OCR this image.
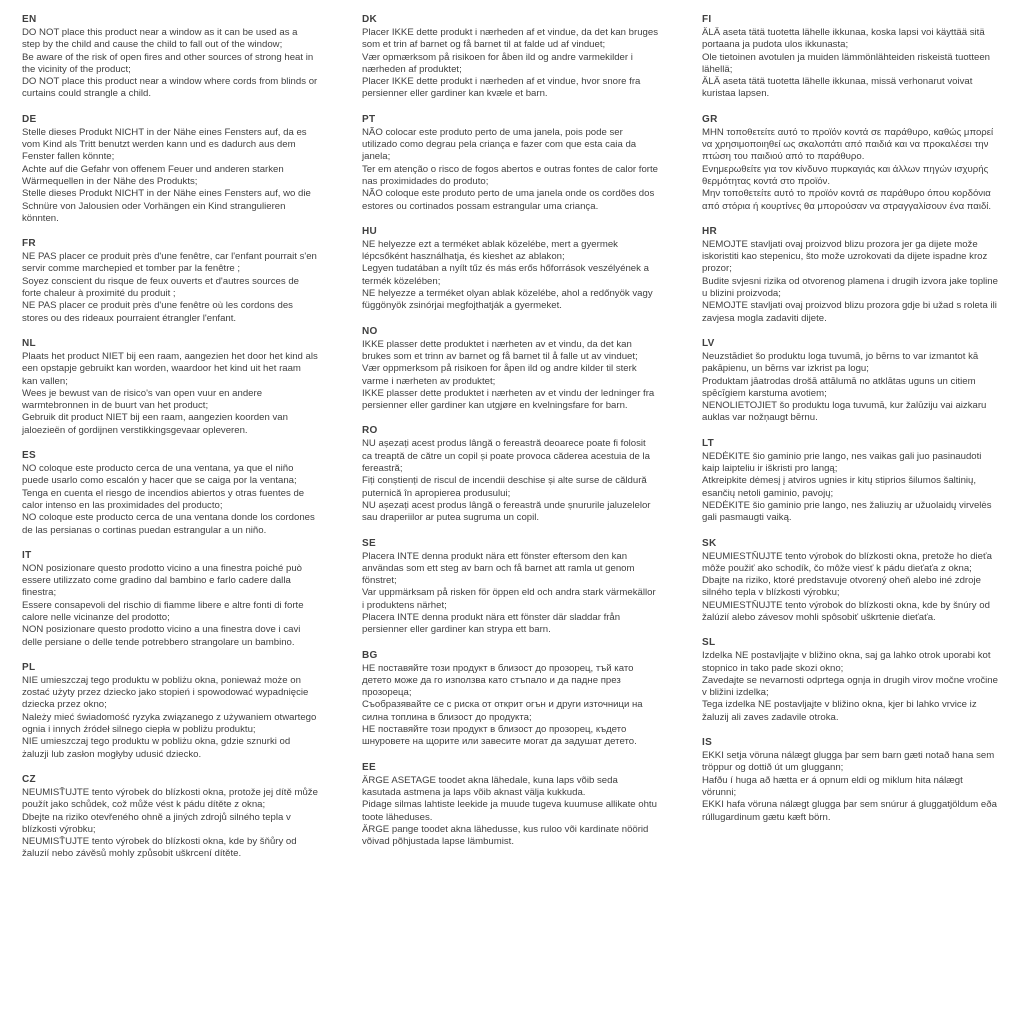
EN

DO NOT place this product near a window as it can be used as a step by the child and cause the child to fall out of the window;

Be aware of the risk of open fires and other sources of strong heat in the vicinity of the product;

DO NOT place this product near a window where cords from blinds or curtains could strangle a child.

DE

Stelle dieses Produkt NICHT in der Nähe eines Fensters auf, da es vom Kind als Tritt benutzt werden kann und es dadurch aus dem Fenster fallen könnte;

Achte auf die Gefahr von offenem Feuer und anderen starken Wärmequellen in der Nähe des Produkts;

Stelle dieses Produkt NICHT in der Nähe eines Fensters auf, wo die Schnüre von Jalousien oder Vorhängen ein Kind strangulieren könnten.

FR

NE PAS placer ce produit près d'une fenêtre, car l'enfant pourrait s'en servir comme marchepied et tomber par la fenêtre ;

Soyez conscient du risque de feux ouverts et d'autres sources de forte chaleur à proximité du produit ;

NE PAS placer ce produit près d'une fenêtre où les cordons des stores ou des rideaux pourraient étrangler l'enfant.

NL

Plaats het product NIET bij een raam, aangezien het door het kind als een opstapje gebruikt kan worden, waardoor het kind uit het raam kan vallen;

Wees je bewust van de risico's van open vuur en andere warmtebronnen in de buurt van het product;

Gebruik dit product NIET bij een raam, aangezien koorden van jaloezieën of gordijnen verstikkingsgevaar opleveren.

ES

NO coloque este producto cerca de una ventana, ya que el niño puede usarlo como escalón y hacer que se caiga por la ventana;

Tenga en cuenta el riesgo de incendios abiertos y otras fuentes de calor intenso en las proximidades del producto;

NO coloque este producto cerca de una ventana donde los cordones de las persianas o cortinas puedan estrangular a un niño.

IT

NON posizionare questo prodotto vicino a una finestra poiché può essere utilizzato come gradino dal bambino e farlo cadere dalla finestra;

Essere consapevoli del rischio di fiamme libere e altre fonti di forte calore nelle vicinanze del prodotto;

NON posizionare questo prodotto vicino a una finestra dove i cavi delle persiane o delle tende potrebbero strangolare un bambino.

PL

NIE umieszczaj tego produktu w pobliżu okna, ponieważ może on zostać użyty przez dziecko jako stopień i spowodować wypadnięcie dziecka przez okno;

Należy mieć świadomość ryzyka związanego z używaniem otwartego ognia i innych źródeł silnego ciepła w pobliżu produktu;

NIE umieszczaj tego produktu w pobliżu okna, gdzie sznurki od żaluzji lub zasłon mogłyby udusić dziecko.

CZ

NEUMISŤUJTE tento výrobek do blízkosti okna, protože jej dítě může použít jako schůdek, což může vést k pádu dítěte z okna;

Dbejte na riziko otevřeného ohně a jiných zdrojů silného tepla v blízkosti výrobku;

NEUMISŤUJTE tento výrobek do blízkosti okna, kde by šňůry od žaluzií nebo závěsů mohly způsobit uškrcení dítěte.

DK

Placer IKKE dette produkt i nærheden af et vindue, da det kan bruges som et trin af barnet og få barnet til at falde ud af vinduet;

Vær opmærksom på risikoen for åben ild og andre varmekilder i nærheden af produktet;

Placer IKKE dette produkt i nærheden af et vindue, hvor snore fra persienner eller gardiner kan kvæle et barn.

PT

NÃO colocar este produto perto de uma janela, pois pode ser utilizado como degrau pela criança e fazer com que esta caia da janela;

Ter em atenção o risco de fogos abertos e outras fontes de calor forte nas proximidades do produto;

NÃO coloque este produto perto de uma janela onde os cordões dos estores ou cortinados possam estrangular uma criança.

HU

NE helyezze ezt a terméket ablak közelébe, mert a gyermek lépcsőként használhatja, és kieshet az ablakon;

Legyen tudatában a nyílt tűz és más erős hőforrások veszélyének a termék közelében;

NE helyezze a terméket olyan ablak közelébe, ahol a redőnyök vagy függönyök zsinórjai megfojthatják a gyermeket.

NO

IKKE plasser dette produktet i nærheten av et vindu, da det kan brukes som et trinn av barnet og få barnet til å falle ut av vinduet;

Vær oppmerksom på risikoen for åpen ild og andre kilder til sterk varme i nærheten av produktet;

IKKE plasser dette produktet i nærheten av et vindu der ledninger fra persienner eller gardiner kan utgjøre en kvelningsfare for barn.

RO

NU așezați acest produs lângă o fereastră deoarece poate fi folosit ca treaptă de către un copil și poate provoca căderea acestuia de la fereastră;

Fiți conștienți de riscul de incendii deschise și alte surse de căldură puternică în apropierea produsului;

NU așezați acest produs lângă o fereastră unde șnururile jaluzelelor sau draperiilor ar putea sugruma un copil.

SE

Placera INTE denna produkt nära ett fönster eftersom den kan användas som ett steg av barn och få barnet att ramla ut genom fönstret;

Var uppmärksam på risken för öppen eld och andra stark värmekällor i produktens närhet;

Placera INTE denna produkt nära ett fönster där sladdar från persienner eller gardiner kan strypa ett barn.

BG

НЕ поставяйте този продукт в близост до прозорец, тъй като детето може да го използва като стъпало и да падне през прозореца;

Съобразявайте се с риска от открит огън и други източници на силна топлина в близост до продукта;

НЕ поставяйте този продукт в близост до прозорец, където шнуровете на щорите или завесите могат да задушат детето.

EE

ÄRGE ASETAGE toodet akna lähedale, kuna laps võib seda kasutada astmena ja laps võib aknast välja kukkuda.

Pidage silmas lahtiste leekide ja muude tugeva kuumuse allikate ohtu toote läheduses.

ÄRGE pange toodet akna lähedusse, kus ruloo või kardinate nöörid võivad põhjustada lapse lämbumist.

FI

ÄLÄ aseta tätä tuotetta lähelle ikkunaa, koska lapsi voi käyttää sitä portaana ja pudota ulos ikkunasta;

Ole tietoinen avotulen ja muiden lämmönlähteiden riskeistä tuotteen lähellä;

ÄLÄ aseta tätä tuotetta lähelle ikkunaa, missä verhonarut voivat kuristaa lapsen.

GR

ΜΗΝ τοποθετείτε αυτό το προϊόν κοντά σε παράθυρο, καθώς μπορεί να χρησιμοποιηθεί ως σκαλοπάτι από παιδιά και να προκαλέσει την πτώση του παιδιού από το παράθυρο.

Ενημερωθείτε για τον κίνδυνο πυρκαγιάς και άλλων πηγών ισχυρής θερμότητας κοντά στο προϊόν.

Μην τοποθετείτε αυτό το προϊόν κοντά σε παράθυρο όπου κορδόνια από στόρια ή κουρτίνες θα μπορούσαν να στραγγαλίσουν ένα παιδί.

HR

NEMOJTE stavljati ovaj proizvod blizu prozora jer ga dijete može iskoristiti kao stepenicu, što može uzrokovati da dijete ispadne kroz prozor;

Budite svjesni rizika od otvorenog plamena i drugih izvora jake topline u blizini proizvoda;

NEMOJTE stavljati ovaj proizvod blizu prozora gdje bi užad s roleta ili zavjesa mogla zadaviti dijete.

LV

Neuzstādiet šo produktu loga tuvumā, jo bērns to var izmantot kā pakāpienu, un bērns var izkrist pa logu;

Produktam jāatrodas drošā attālumā no atklātas uguns un citiem spēcīgiem karstuma avotiem;

NENOLIETOJIET šo produktu loga tuvumā, kur žalūziju vai aizkaru auklas var nožņaugt bērnu.

LT

NEDĖKITE šio gaminio prie lango, nes vaikas gali juo pasinaudoti kaip laipteliu ir iškristi pro langą;

Atkreipkite dėmesį į atviros ugnies ir kitų stiprios šilumos šaltinių, esančių netoli gaminio, pavojų;

NEDĖKITE šio gaminio prie lango, nes žaliuzių ar užuolaidų virvelės gali pasmaugti vaiką.

SK

NEUMIESTŇUJTE tento výrobok do blízkosti okna, pretože ho dieťa môže použiť ako schodík, čo môže viesť k pádu dieťaťa z okna;

Dbajte na riziko, ktoré predstavuje otvorený oheň alebo iné zdroje silného tepla v blízkosti výrobku;

NEUMIESTŇUJTE tento výrobok do blízkosti okna, kde by šnúry od žalúzií alebo závesov mohli spôsobiť uškrtenie dieťaťa.

SL

Izdelka NE postavljajte v bližino okna, saj ga lahko otrok uporabi kot stopnico in tako pade skozi okno;

Zavedajte se nevarnosti odprtega ognja in drugih virov močne vročine v bližini izdelka;

Tega izdelka NE postavljajte v bližino okna, kjer bi lahko vrvice iz žaluzij ali zaves zadavile otroka.

IS

EKKI setja vöruna nálægt glugga þar sem barn gæti notað hana sem tröppur og dottið út um gluggann;

Hafðu í huga að hætta er á opnum eldi og miklum hita nálægt vörunni;

EKKI hafa vöruna nálægt glugga þar sem snúrur á gluggatjöldum eða rúllugardinum gætu kæft börn.
